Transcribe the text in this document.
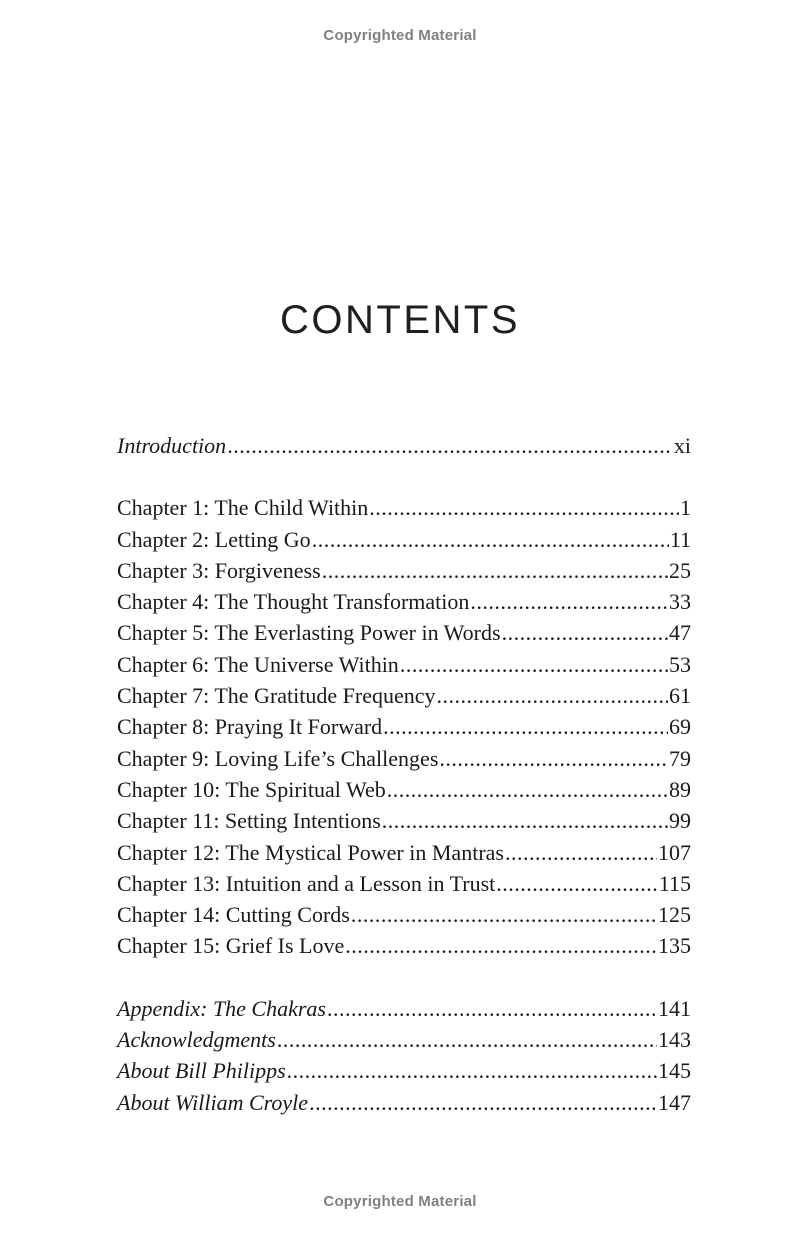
Copyrighted Material
CONTENTS
Introduction .....	xi
Chapter 1: The Child Within .....	1
Chapter 2: Letting Go .....	11
Chapter 3: Forgiveness .....	25
Chapter 4: The Thought Transformation .....	33
Chapter 5: The Everlasting Power in Words .....	47
Chapter 6: The Universe Within .....	53
Chapter 7: The Gratitude Frequency .....	61
Chapter 8: Praying It Forward .....	69
Chapter 9: Loving Life’s Challenges .....	79
Chapter 10: The Spiritual Web .....	89
Chapter 11: Setting Intentions .....	99
Chapter 12: The Mystical Power in Mantras .....	107
Chapter 13: Intuition and a Lesson in Trust .....	115
Chapter 14: Cutting Cords .....	125
Chapter 15: Grief Is Love .....	135
Appendix: The Chakras .....	141
Acknowledgments .....	143
About Bill Philipps .....	145
About William Croyle .....	147
Copyrighted Material
